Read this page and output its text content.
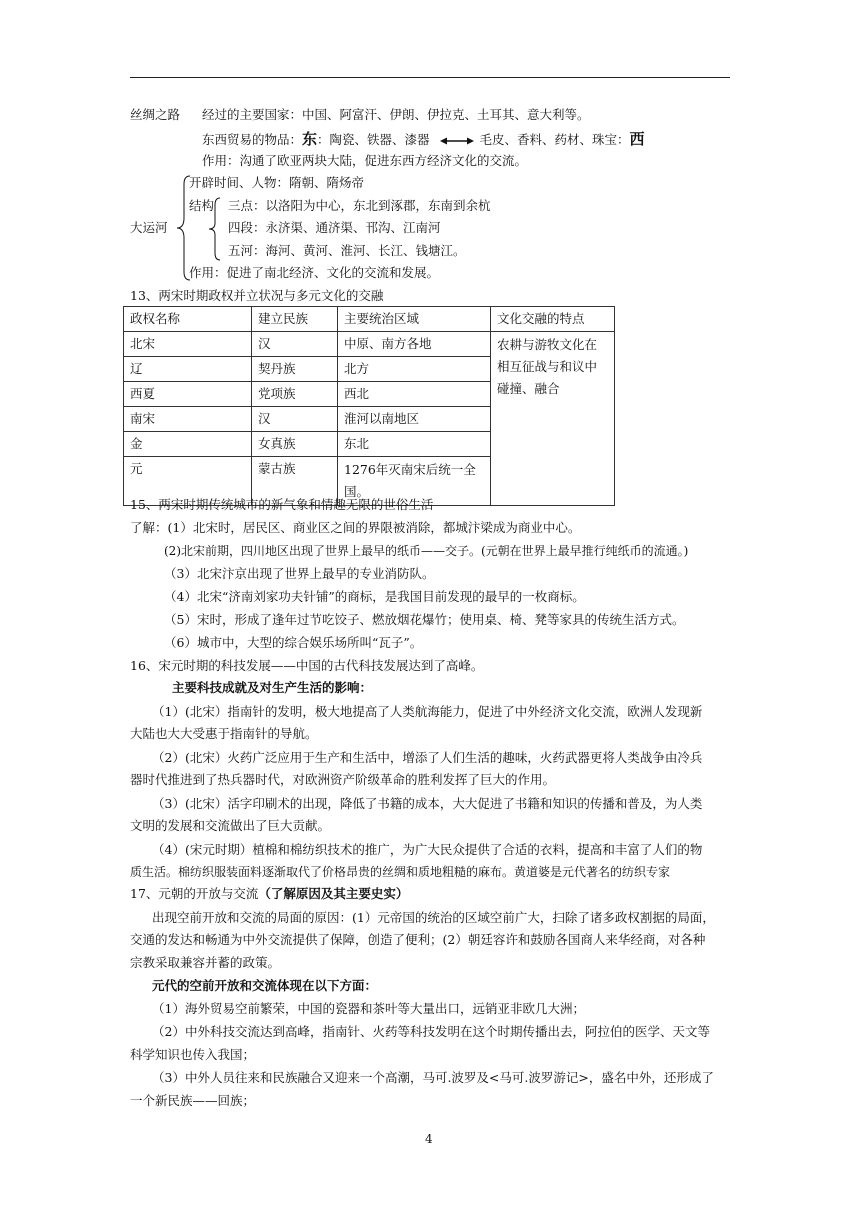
丝绸之路 经过的主要国家：中国、阿富汗、伊朗、伊拉克、土耳其、意大利等。
东西贸易的物品：东：陶瓷、铁器、漆器	毛皮、香料、药材、珠宝：西
作用：沟通了欧亚两块大陆，促进东西方经济文化的交流。
大运河
开辟时间、人物：隋朝、隋炀帝
结构 三点：以洛阳为中心，东北到涿郡，东南到余杭
四段：永济渠、通济渠、邗沟、江南河
五河：海河、黄河、淮河、长江、钱塘江。
作用：促进了南北经济、文化的交流和发展。
13、两宋时期政权并立状况与多元文化的交融
政权名称	建立民族	主要统治区域	文化交融的特点
北宋	汉	中原、南方各地	农耕与游牧文化在相互征战与和议中碰撞、融合
辽	契丹族	北方	
西夏	党项族	西北	
南宋	汉	淮河以南地区	
金	女真族	东北	
元	蒙古族	1276年灭南宋后统一全国。	
15、两宋时期传统城市的新气象和情趣无限的世俗生活
了解：(1）北宋时，居民区、商业区之间的界限被消除，都城汴梁成为商业中心。
(2)北宋前期，四川地区出现了世界上最早的纸币——交子。(元朝在世界上最早推行纯纸币的流通。)
（3）北宋汴京出现了世界上最早的专业消防队。
（4）北宋“济南刘家功夫针铺”的商标，是我国目前发现的最早的一枚商标。
（5）宋时，形成了逢年过节吃饺子、燃放烟花爆竹；使用桌、椅、凳等家具的传统生活方式。
（6）城市中，大型的综合娱乐场所叫“瓦子”。
16、宋元时期的科技发展——中国的古代科技发展达到了高峰。
主要科技成就及对生产生活的影响：
（1）(北宋）指南针的发明，极大地提高了人类航海能力，促进了中外经济文化交流，欧洲人发现新
大陆也大大受惠于指南针的导航。
（2）(北宋）火药广泛应用于生产和生活中，增添了人们生活的趣味，火药武器更将人类战争由冷兵
器时代推进到了热兵器时代，对欧洲资产阶级革命的胜利发挥了巨大的作用。
（3）(北宋）活字印刷术的出现，降低了书籍的成本，大大促进了书籍和知识的传播和普及，为人类
文明的发展和交流做出了巨大贡献。
（4）(宋元时期）植棉和棉纺织技术的推广，为广大民众提供了合适的衣料，提高和丰富了人们的物
质生活。棉纺织服装面料逐渐取代了价格昂贵的丝绸和质地粗糙的麻布。黄道婆是元代著名的纺织专家
17、元朝的开放与交流（了解原因及其主要史实）
出现空前开放和交流的局面的原因：(1）元帝国的统治的区域空前广大，扫除了诸多政权割据的局面，
交通的发达和畅通为中外交流提供了保障，创造了便利；(2）朝廷容许和鼓励各国商人来华经商，对各种
宗教采取兼容并蓄的政策。
元代的空前开放和交流体现在以下方面：
（1）海外贸易空前繁荣，中国的瓷器和茶叶等大量出口，远销亚非欧几大洲；
（2）中外科技交流达到高峰，指南针、火药等科技发明在这个时期传播出去，阿拉伯的医学、天文等
科学知识也传入我国；
（3）中外人员往来和民族融合又迎来一个高潮，马可.波罗及<马可.波罗游记>，盛名中外，还形成了
一个新民族——回族；
4
